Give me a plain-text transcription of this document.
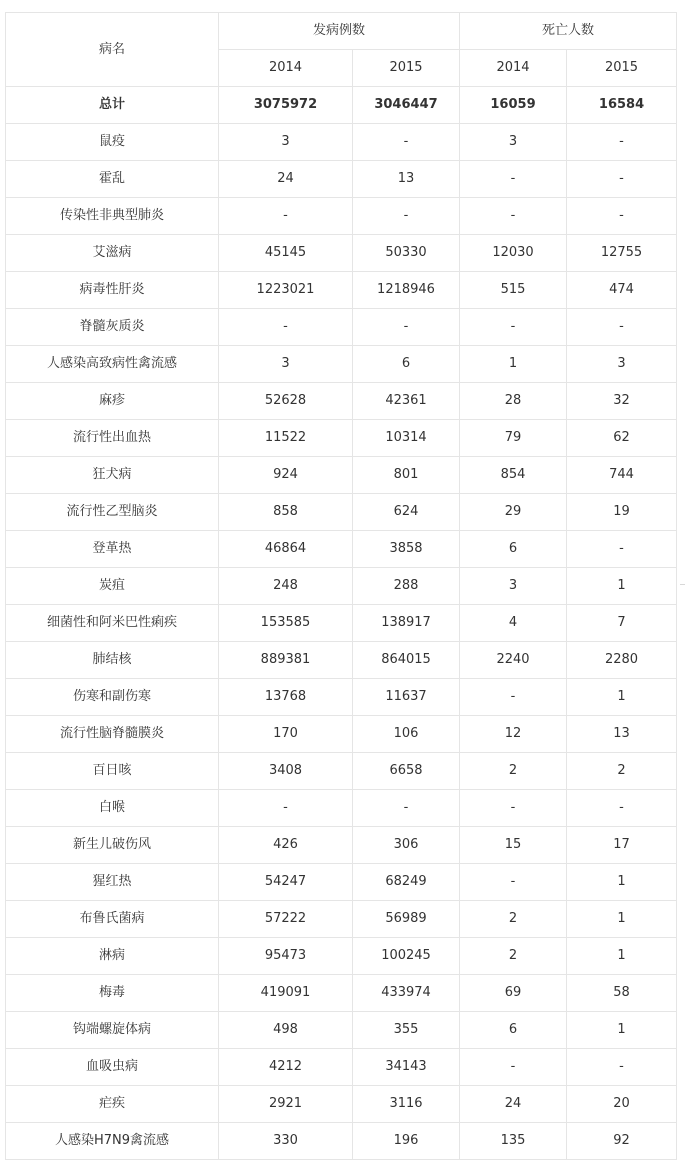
病名	发病例数		死亡人数	
	2014	2015	2014	2015
总计	3075972	3046447	16059	16584
鼠疫	3	-	3	-
霍乱	24	13	-	-
传染性非典型肺炎	-	-	-	-
艾滋病	45145	50330	12030	12755
病毒性肝炎	1223021	1218946	515	474
脊髓灰质炎	-	-	-	-
人感染高致病性禽流感	3	6	1	3
麻疹	52628	42361	28	32
流行性出血热	11522	10314	79	62
狂犬病	924	801	854	744
流行性乙型脑炎	858	624	29	19
登革热	46864	3858	6	-
炭疽	248	288	3	1
细菌性和阿米巴性痢疾	153585	138917	4	7
肺结核	889381	864015	2240	2280
伤寒和副伤寒	13768	11637	-	1
流行性脑脊髓膜炎	170	106	12	13
百日咳	3408	6658	2	2
白喉	-	-	-	-
新生儿破伤风	426	306	15	17
猩红热	54247	68249	-	1
布鲁氏菌病	57222	56989	2	1
淋病	95473	100245	2	1
梅毒	419091	433974	69	58
钩端螺旋体病	498	355	6	1
血吸虫病	4212	34143	-	-
疟疾	2921	3116	24	20
人感染H7N9禽流感	330	196	135	92
